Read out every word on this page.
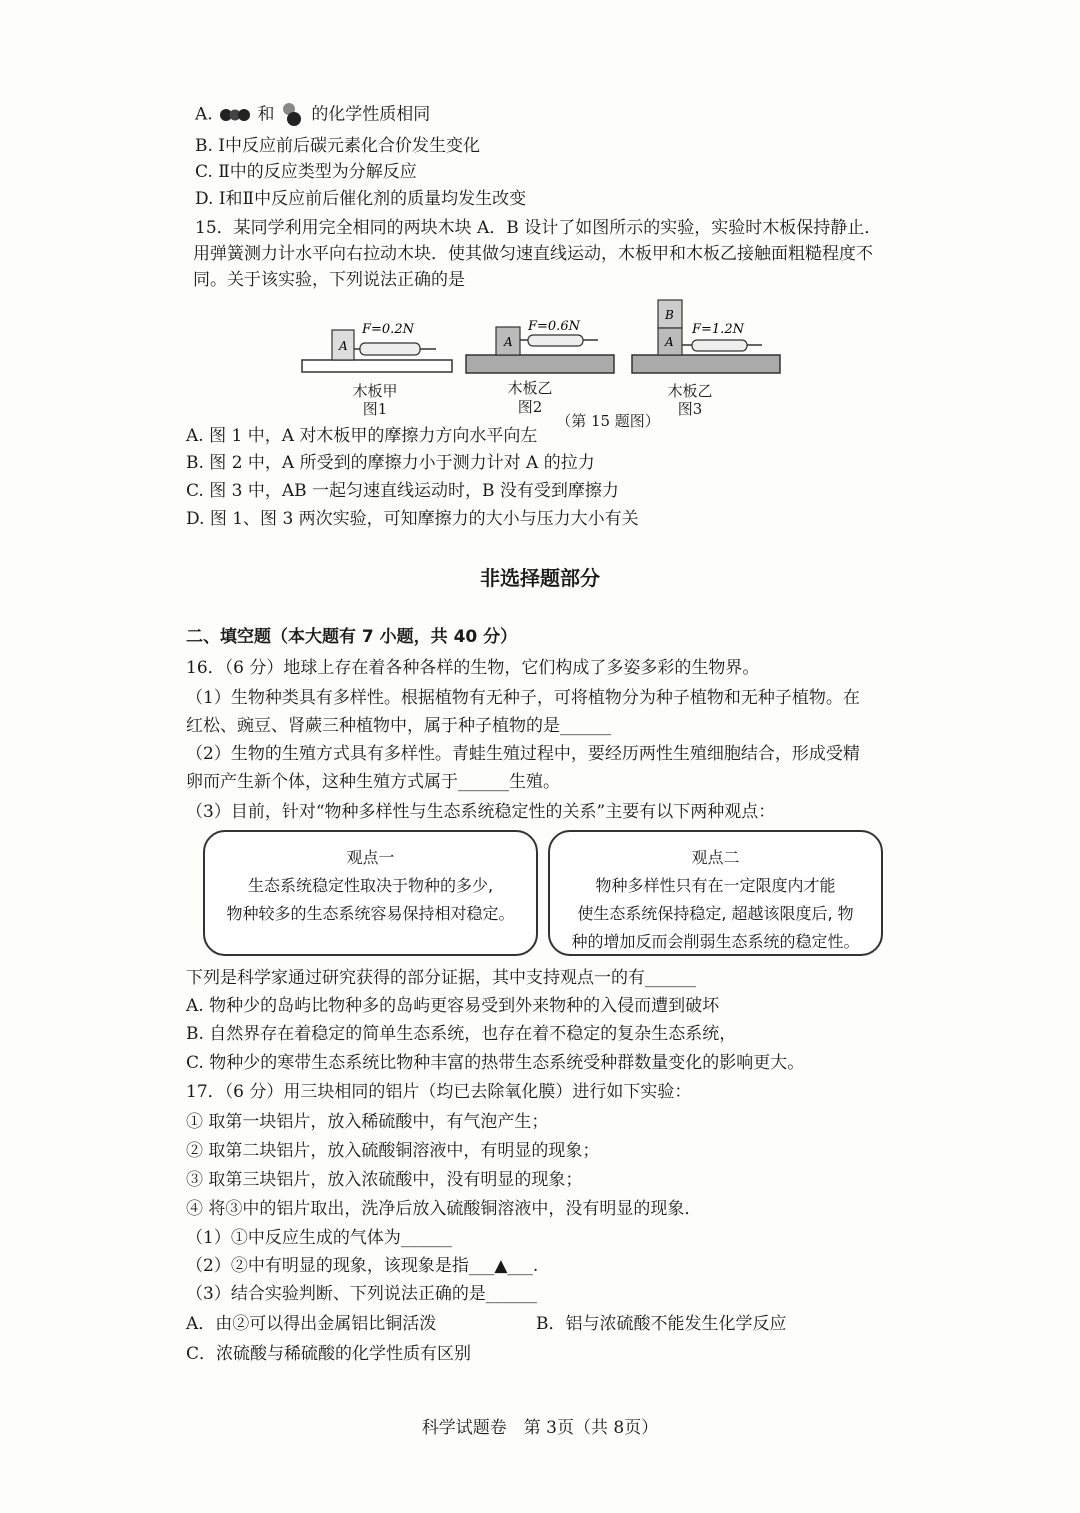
A.	和 的化学性质相同
B. Ⅰ中反应前后碳元素化合价发生变化
C. Ⅱ中的反应类型为分解反应
D. Ⅰ和Ⅱ中反应前后催化剂的质量均发生改变
15．某同学利用完全相同的两块木块 A．B 设计了如图所示的实验，实验时木板保持静止．
用弹簧测力计水平向右拉动木块．使其做匀速直线运动，木板甲和木板乙接触面粗糙程度不
同。关于该实验，下列说法正确的是
A
F=0.2N
A
F=0.6N
B
A
F=1.2N
木板甲
图1
木板乙
图2
木板乙
图3
（第 15 题图）
A. 图 1 中，A 对木板甲的摩擦力方向水平向左
B. 图 2 中，A 所受到的摩擦力小于测力计对 A 的拉力
C. 图 3 中，AB 一起匀速直线运动时，B 没有受到摩擦力
D. 图 1、图 3 两次实验，可知摩擦力的大小与压力大小有关
非选择题部分
二、填空题（本大题有 7 小题，共 40 分）
16．（6 分）地球上存在着各种各样的生物，它们构成了多姿多彩的生物界。
（1）生物种类具有多样性。根据植物有无种子，可将植物分为种子植物和无种子植物。在
红松、豌豆、肾蕨三种植物中，属于种子植物的是______
（2）生物的生殖方式具有多样性。青蛙生殖过程中，要经历两性生殖细胞结合，形成受精
卵而产生新个体，这种生殖方式属于______生殖。
（3）目前，针对“物种多样性与生态系统稳定性的关系”主要有以下两种观点：
观点一
生态系统稳定性取决于物种的多少,
物种较多的生态系统容易保持相对稳定。
观点二
物种多样性只有在一定限度内才能
使生态系统保持稳定, 超越该限度后, 物
种的增加反而会削弱生态系统的稳定性。
下列是科学家通过研究获得的部分证据，其中支持观点一的有______
A. 物种少的岛屿比物种多的岛屿更容易受到外来物种的入侵而遭到破坏
B. 自然界存在着稳定的简单生态系统，也存在着不稳定的复杂生态系统，
C. 物种少的寒带生态系统比物种丰富的热带生态系统受种群数量变化的影响更大。
17．（6 分）用三块相同的铝片（均已去除氧化膜）进行如下实验：
① 取第一块铝片，放入稀硫酸中，有气泡产生；
② 取第二块铝片，放入硫酸铜溶液中，有明显的现象；
③ 取第三块铝片，放入浓硫酸中，没有明显的现象；
④ 将③中的铝片取出，洗净后放入硫酸铜溶液中，没有明显的现象．
（1）①中反应生成的气体为______
（2）②中有明显的现象，该现象是指___▲___.
（3）结合实验判断、下列说法正确的是______
A．由②可以得出金属铝比铜活泼	B．铝与浓硫酸不能发生化学反应
C．浓硫酸与稀硫酸的化学性质有区别
科学试题卷　第 3页（共 8页）
